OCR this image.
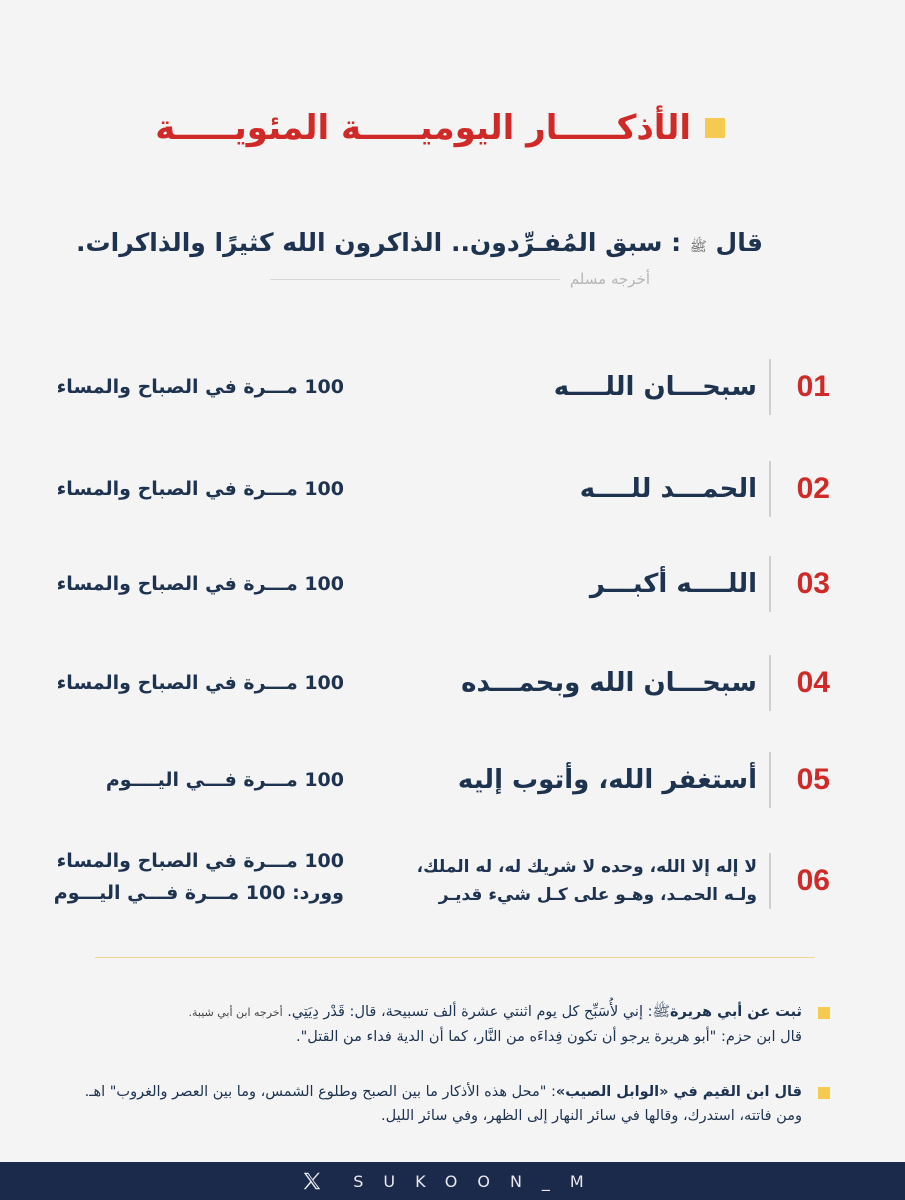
الأذكـــــار اليوميـــــة المئويـــــة
قال ﷺ : سبق المُفـرِّدون.. الذاكرون الله كثيرًا والذاكرات.
أخرجه مسلم
01
سبحـــان اللــــه
100 مـــرة في الصباح والمساء
02
الحمـــد للــــه
100 مـــرة في الصباح والمساء
03
اللــــه أكبـــر
100 مـــرة في الصباح والمساء
04
سبحـــان الله وبحمـــده
100 مـــرة في الصباح والمساء
05
أستغفر الله، وأتوب إليه
100 مـــرة فـــي اليــــوم
06
لا إله إلا الله، وحده لا شريك له، له الملك،
ولـه الحمـد، وهـو على كـل شيء قديـر
100 مـــرة في الصباح والمساء
وورد: 100 مـــرة فـــي اليـــوم
ثبت عن أبي هريرةﷺ: إني لأُسَبِّح كل يوم اثنتي عشرة ألف تسبيحة، قال: قَدْر دِيَتِي. أخرجه ابن أبي شيبة.
قال ابن حزم: "أبو هريرة يرجو أن تكون فِداءَه من النَّار، كما أن الدية فداء من القتل".
قال ابن القيم في «الوابل الصيب»: "محل هذه الأذكار ما بين الصبح وطلوع الشمس، وما بين العصر والغروب" اهـ. ومن فاتته، استدرك، وقالها في سائر النهار إلى الظهر، وفي سائر الليل.
SUKOON_M
